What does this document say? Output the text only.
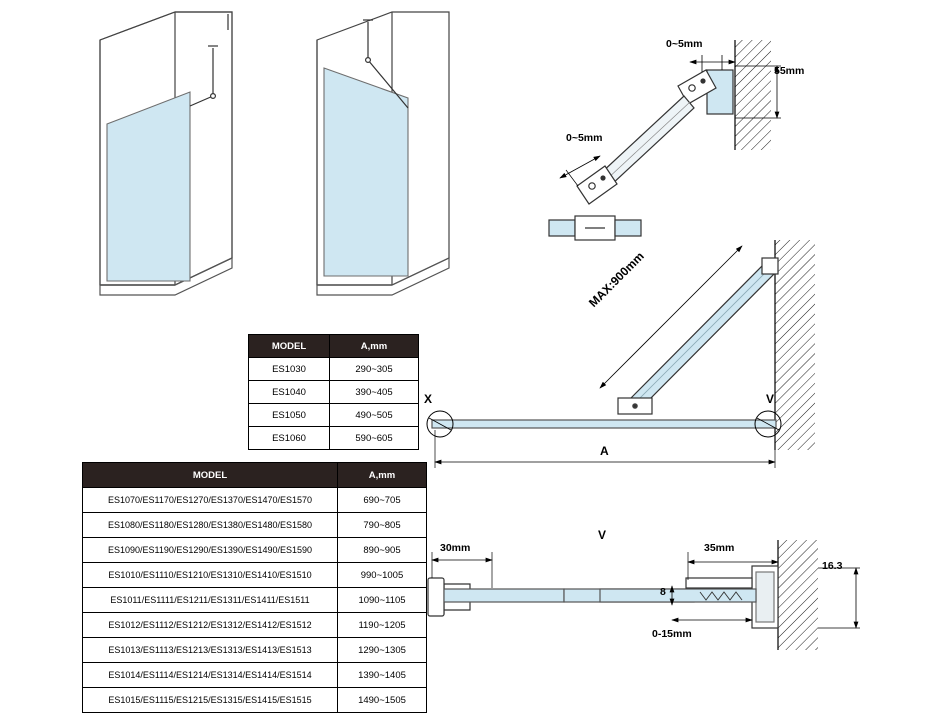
0~5mm
55mm
0~5mm
MAX:900mm
X	V
A
30mm
V
35mm
16.3
8
0-15mm
MODEL	A,mm
ES1030	290~305
ES1040	390~405
ES1050	490~505
ES1060	590~605
MODEL	A,mm
ES1070/ES1170/ES1270/ES1370/ES1470/ES1570	690~705
ES1080/ES1180/ES1280/ES1380/ES1480/ES1580	790~805
ES1090/ES1190/ES1290/ES1390/ES1490/ES1590	890~905
ES1010/ES1110/ES1210/ES1310/ES1410/ES1510	990~1005
ES1011/ES1111/ES1211/ES1311/ES1411/ES1511	1090~1105
ES1012/ES1112/ES1212/ES1312/ES1412/ES1512	1190~1205
ES1013/ES1113/ES1213/ES1313/ES1413/ES1513	1290~1305
ES1014/ES1114/ES1214/ES1314/ES1414/ES1514	1390~1405
ES1015/ES1115/ES1215/ES1315/ES1415/ES1515	1490~1505
